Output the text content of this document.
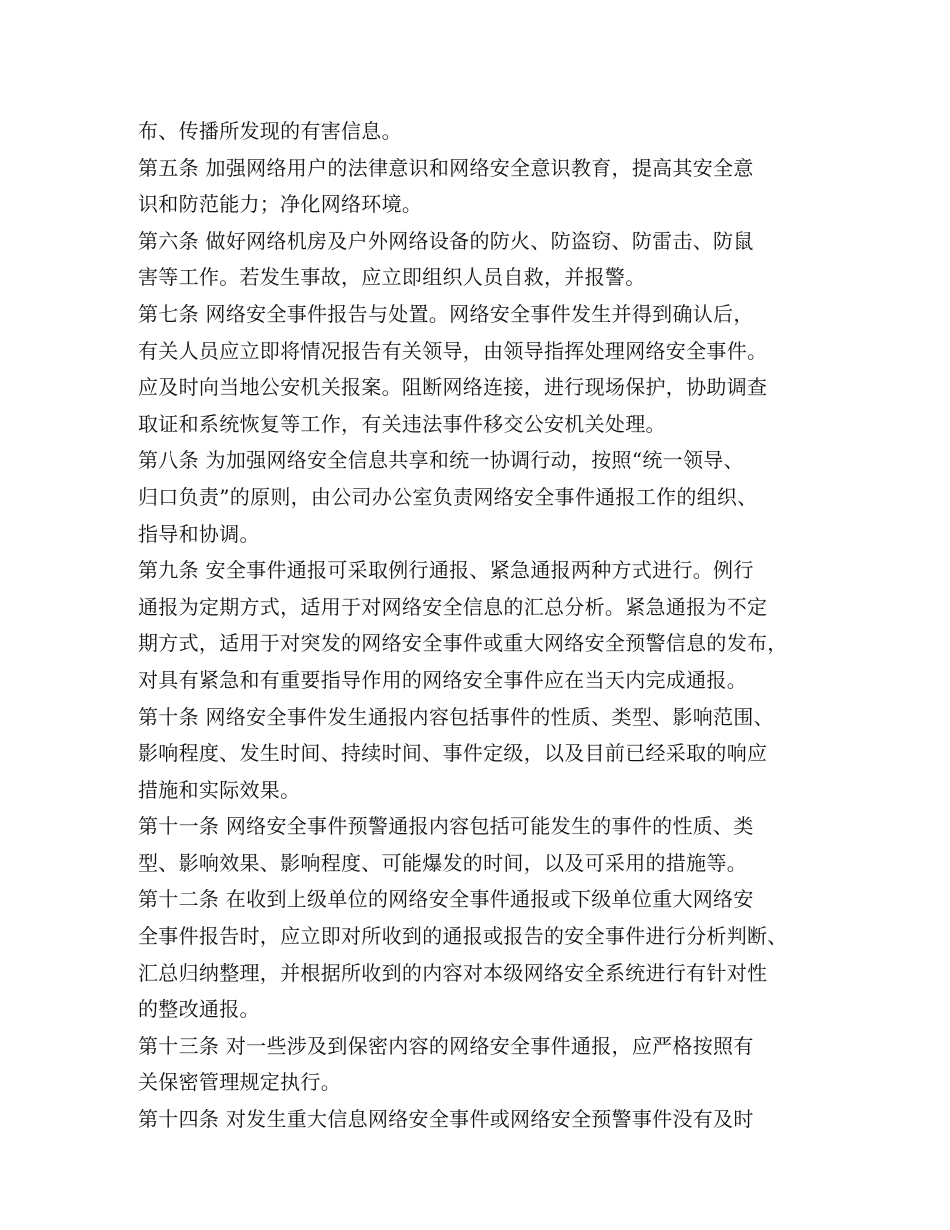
布、传播所发现的有害信息。
第五条 加强网络用户的法律意识和网络安全意识教育，提高其安全意
识和防范能力；净化网络环境。
第六条 做好网络机房及户外网络设备的防火、防盗窃、防雷击、防鼠
害等工作。若发生事故，应立即组织人员自救，并报警。
第七条 网络安全事件报告与处置。网络安全事件发生并得到确认后，
有关人员应立即将情况报告有关领导，由领导指挥处理网络安全事件。
应及时向当地公安机关报案。阻断网络连接，进行现场保护，协助调查
取证和系统恢复等工作，有关违法事件移交公安机关处理。
第八条 为加强网络安全信息共享和统一协调行动，按照“统一领导、
归口负责”的原则，由公司办公室负责网络安全事件通报工作的组织、
指导和协调。
第九条 安全事件通报可采取例行通报、紧急通报两种方式进行。例行
通报为定期方式，适用于对网络安全信息的汇总分析。紧急通报为不定
期方式，适用于对突发的网络安全事件或重大网络安全预警信息的发布，
对具有紧急和有重要指导作用的网络安全事件应在当天内完成通报。
第十条 网络安全事件发生通报内容包括事件的性质、类型、影响范围、
影响程度、发生时间、持续时间、事件定级，以及目前已经采取的响应
措施和实际效果。
第十一条 网络安全事件预警通报内容包括可能发生的事件的性质、类
型、影响效果、影响程度、可能爆发的时间，以及可采用的措施等。
第十二条 在收到上级单位的网络安全事件通报或下级单位重大网络安
全事件报告时，应立即对所收到的通报或报告的安全事件进行分析判断、
汇总归纳整理，并根据所收到的内容对本级网络安全系统进行有针对性
的整改通报。
第十三条 对一些涉及到保密内容的网络安全事件通报，应严格按照有
关保密管理规定执行。
第十四条 对发生重大信息网络安全事件或网络安全预警事件没有及时
